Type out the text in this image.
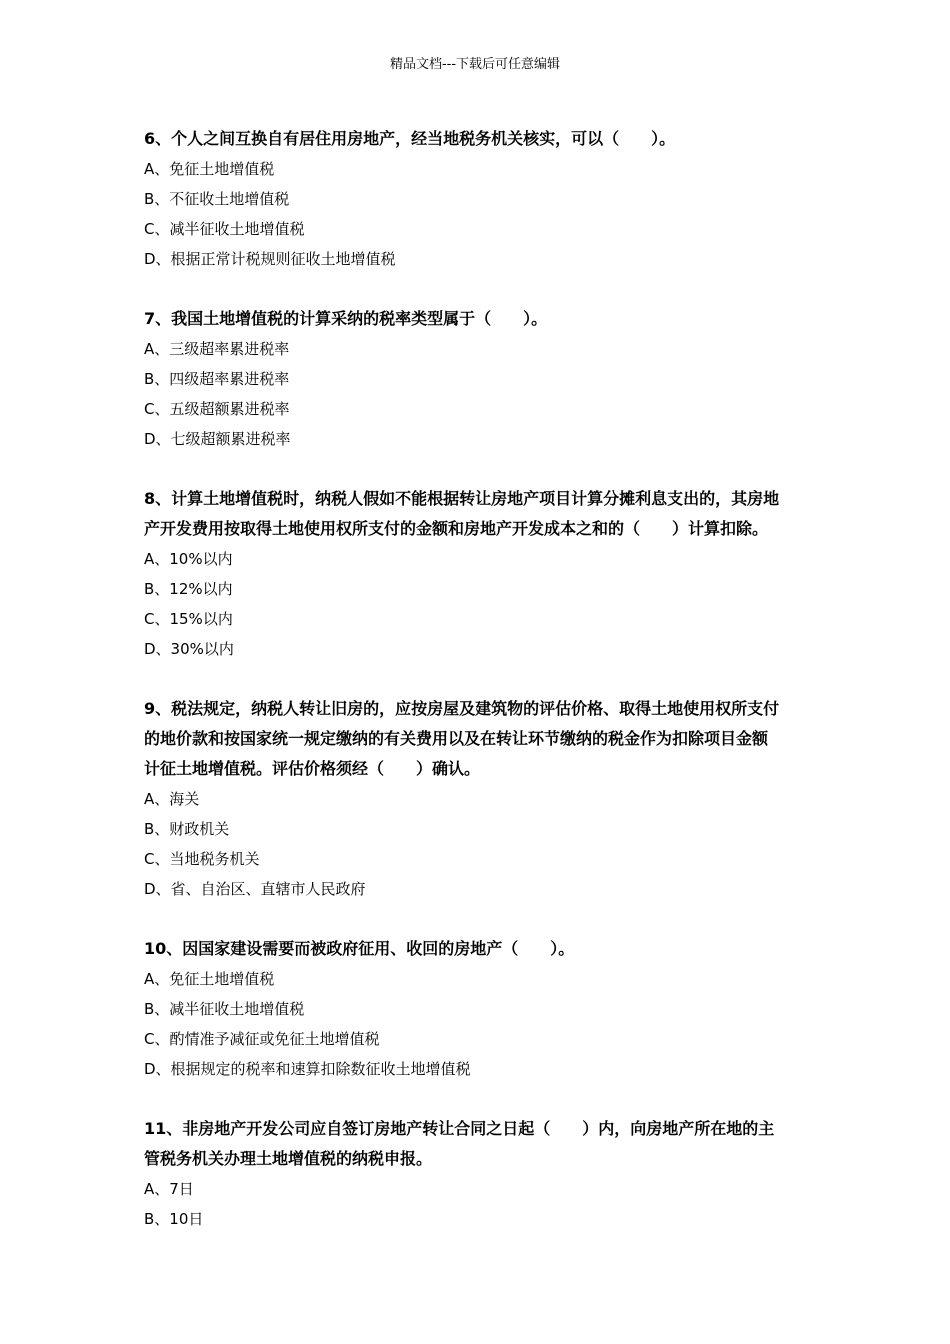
精品文档---下载后可任意编辑
6、个人之间互换自有居住用房地产，经当地税务机关核实，可以（　　）。
A、免征土地增值税
B、不征收土地增值税
C、减半征收土地增值税
D、根据正常计税规则征收土地增值税
7、我国土地增值税的计算采纳的税率类型属于（　　）。
A、三级超率累进税率
B、四级超率累进税率
C、五级超额累进税率
D、七级超额累进税率
8、计算土地增值税时，纳税人假如不能根据转让房地产项目计算分摊利息支出的，其房地
产开发费用按取得土地使用权所支付的金额和房地产开发成本之和的（　　）计算扣除。
A、10%以内
B、12%以内
C、15%以内
D、30%以内
9、税法规定，纳税人转让旧房的，应按房屋及建筑物的评估价格、取得土地使用权所支付
的地价款和按国家统一规定缴纳的有关费用以及在转让环节缴纳的税金作为扣除项目金额
计征土地增值税。评估价格须经（　　）确认。
A、海关
B、财政机关
C、当地税务机关
D、省、自治区、直辖市人民政府
10、因国家建设需要而被政府征用、收回的房地产（　　）。
A、免征土地增值税
B、减半征收土地增值税
C、酌情准予减征或免征土地增值税
D、根据规定的税率和速算扣除数征收土地增值税
11、非房地产开发公司应自签订房地产转让合同之日起（　　）内，向房地产所在地的主
管税务机关办理土地增值税的纳税申报。
A、7日
B、10日
